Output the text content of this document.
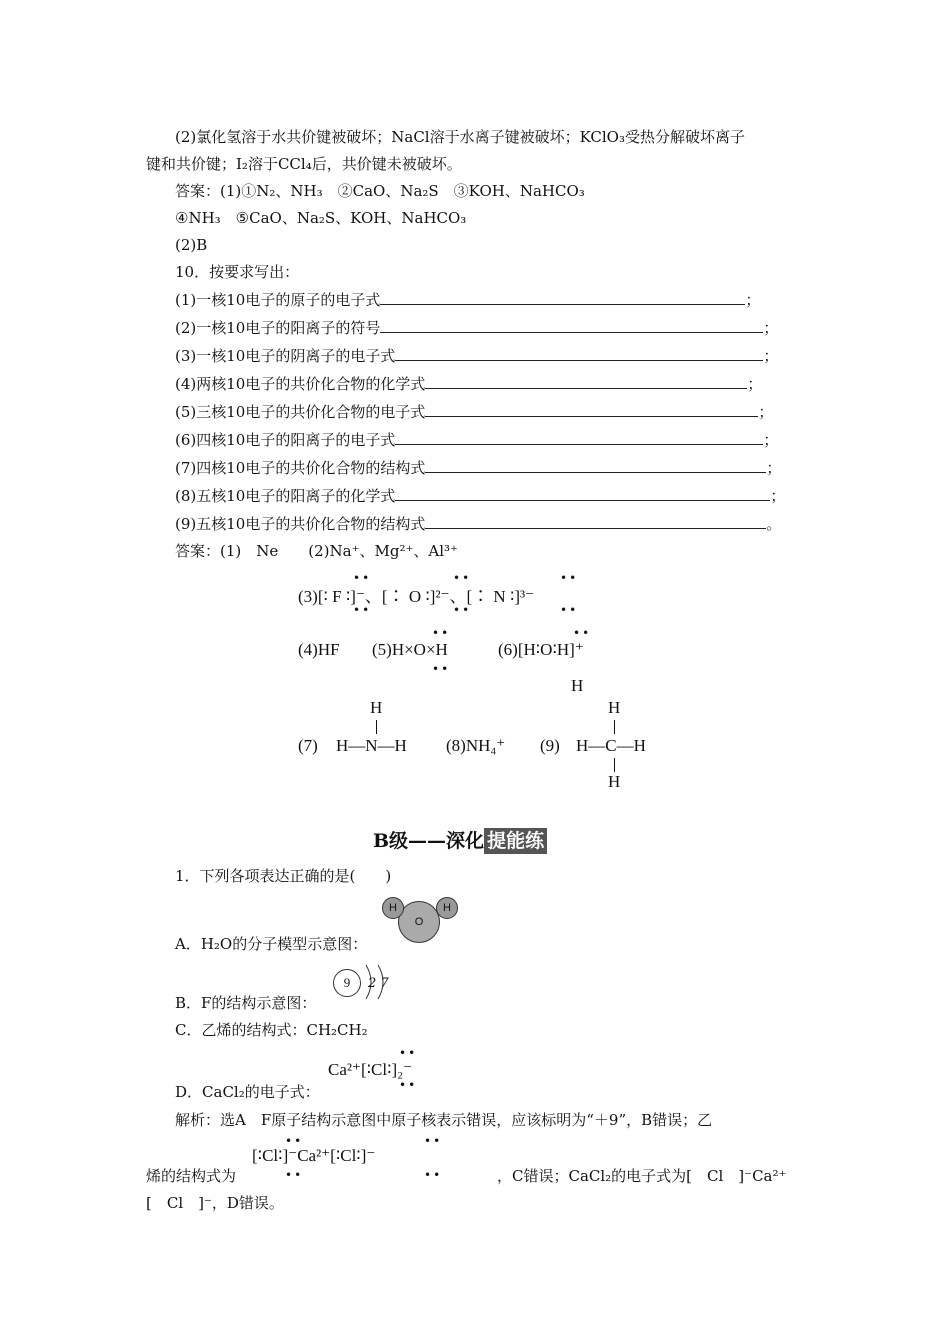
(2)氯化氢溶于水共价键被破坏；NaCl溶于水离子键被破坏；KClO₃受热分解破坏离子
键和共价键；I₂溶于CCl₄后，共价键未被破坏。
答案：(1)①N₂、NH₃　②CaO、Na₂S　③KOH、NaHCO₃
④NH₃　⑤CaO、Na₂S、KOH、NaHCO₃
(2)B
10．按要求写出：
(1)一核10电子的原子的电子式	；
(2)一核10电子的阳离子的符号	；
(3)一核10电子的阴离子的电子式	；
(4)两核10电子的共价化合物的化学式	；
(5)三核10电子的共价化合物的电子式	；
(6)四核10电子的阳离子的电子式	；
(7)四核10电子的共价化合物的结构式	；
(8)五核10电子的阳离子的化学式	；
(9)五核10电子的共价化合物的结构式	。
答案：(1)　Ne　　(2)Na⁺、Mg²⁺、Al³⁺
••	••	••
(3)[∶ F ∶]⁻、[∶ O ∶]²⁻、[∶ N ∶]³⁻
••	••	••
••	••
(4)HF (5)H×O×H	(6)[H∶O∶H]⁺
••
H
H
(7) H—N—H (8)NH₄⁺
H
(9) H—C—H
H
B级——深化 提能练
1．下列各项表达正确的是(　　)
O
H	H
A．H₂O的分子模型示意图：
9	2 7
B．F的结构示意图：
C．乙烯的结构式：CH₂CH₂
••
Ca²⁺[∶Cl∶]₂⁻
••
D．CaCl₂的电子式：
解析：选A　F原子结构示意图中原子核表示错误，应该标明为“＋9”，B错误；乙
••	••
[∶Cl∶]⁻Ca²⁺[∶Cl∶]⁻
••	••
烯的结构式为	，C错误；CaCl₂的电子式为[　Cl　]⁻Ca²⁺
[　Cl　]⁻，D错误。
